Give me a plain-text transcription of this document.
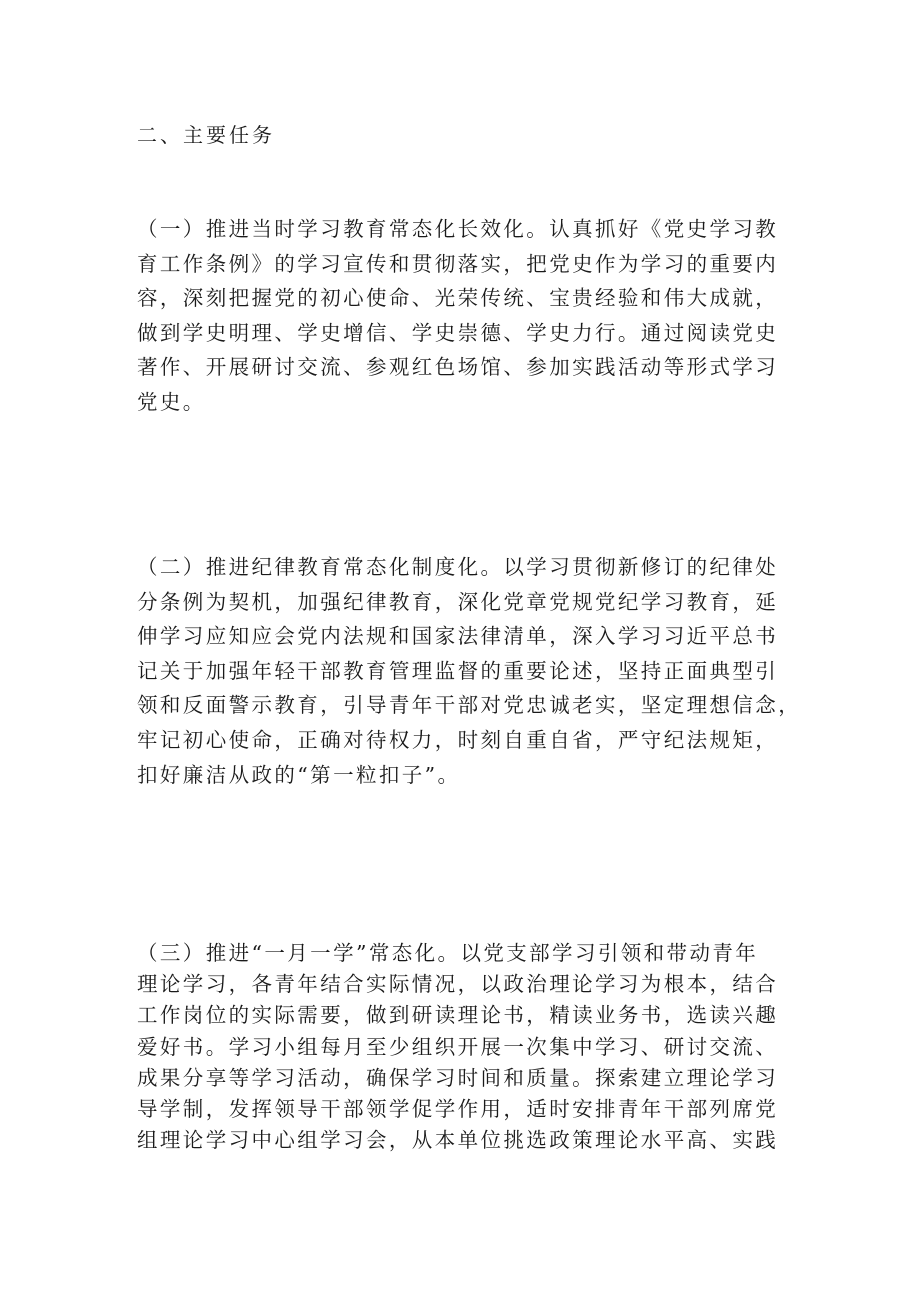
二、主要任务
（一）推进当时学习教育常态化长效化。认真抓好《党史学习教
育工作条例》的学习宣传和贯彻落实，把党史作为学习的重要内
容，深刻把握党的初心使命、光荣传统、宝贵经验和伟大成就，
做到学史明理、学史增信、学史崇德、学史力行。通过阅读党史
著作、开展研讨交流、参观红色场馆、参加实践活动等形式学习
党史。
（二）推进纪律教育常态化制度化。以学习贯彻新修订的纪律处
分条例为契机，加强纪律教育，深化党章党规党纪学习教育，延
伸学习应知应会党内法规和国家法律清单，深入学习习近平总书
记关于加强年轻干部教育管理监督的重要论述，坚持正面典型引
领和反面警示教育，引导青年干部对党忠诚老实，坚定理想信念，
牢记初心使命，正确对待权力，时刻自重自省，严守纪法规矩，
扣好廉洁从政的“第一粒扣子”。
（三）推进“一月一学”常态化。以党支部学习引领和带动青年
理论学习，各青年结合实际情况，以政治理论学习为根本，结合
工作岗位的实际需要，做到研读理论书，精读业务书，选读兴趣
爱好书。学习小组每月至少组织开展一次集中学习、研讨交流、
成果分享等学习活动，确保学习时间和质量。探索建立理论学习
导学制，发挥领导干部领学促学作用，适时安排青年干部列席党
组理论学习中心组学习会，从本单位挑选政策理论水平高、实践
